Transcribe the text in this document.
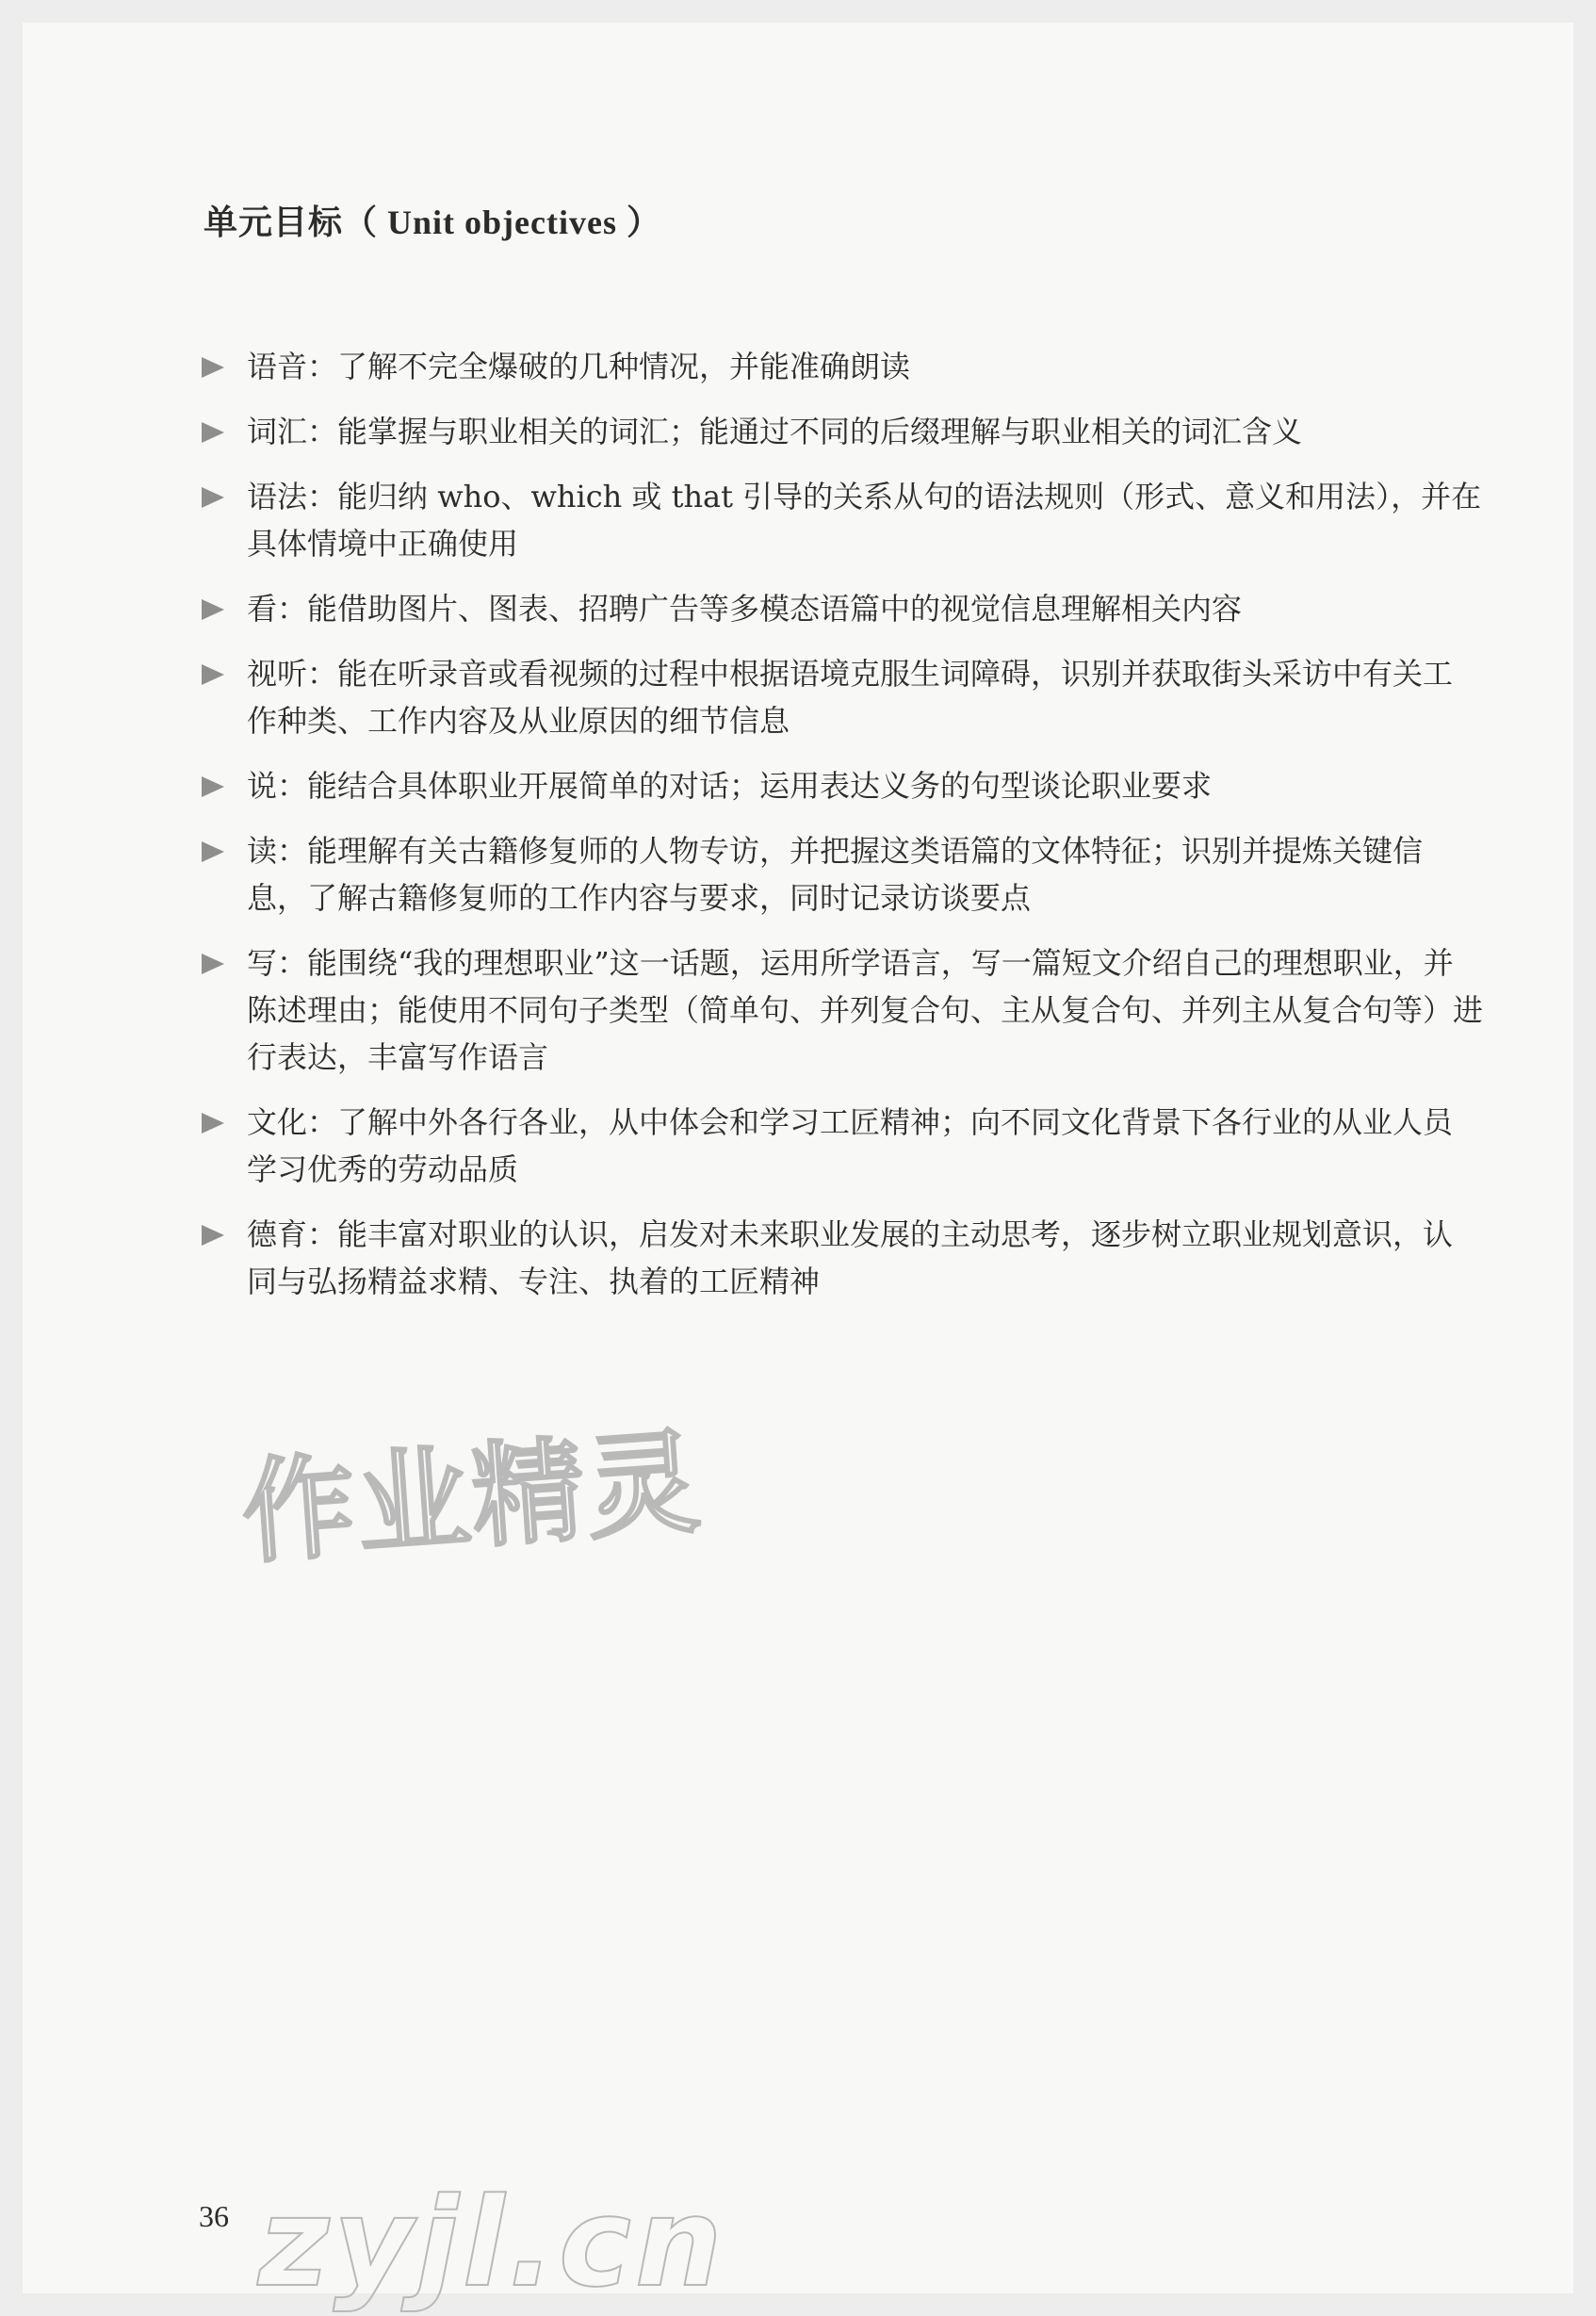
单元目标（ Unit objectives ）
语音：了解不完全爆破的几种情况，并能准确朗读
词汇：能掌握与职业相关的词汇；能通过不同的后缀理解与职业相关的词汇含义
语法：能归纳 who、which 或 that 引导的关系从句的语法规则（形式、意义和用法），并在具体情境中正确使用
看：能借助图片、图表、招聘广告等多模态语篇中的视觉信息理解相关内容
视听：能在听录音或看视频的过程中根据语境克服生词障碍，识别并获取街头采访中有关工作种类、工作内容及从业原因的细节信息
说：能结合具体职业开展简单的对话；运用表达义务的句型谈论职业要求
读：能理解有关古籍修复师的人物专访，并把握这类语篇的文体特征；识别并提炼关键信息，了解古籍修复师的工作内容与要求，同时记录访谈要点
写：能围绕“我的理想职业”这一话题，运用所学语言，写一篇短文介绍自己的理想职业，并陈述理由；能使用不同句子类型（简单句、并列复合句、主从复合句、并列主从复合句等）进行表达，丰富写作语言
文化：了解中外各行各业，从中体会和学习工匠精神；向不同文化背景下各行业的从业人员学习优秀的劳动品质
德育：能丰富对职业的认识，启发对未来职业发展的主动思考，逐步树立职业规划意识，认同与弘扬精益求精、专注、执着的工匠精神
作业精灵
36 zyjl.cn
